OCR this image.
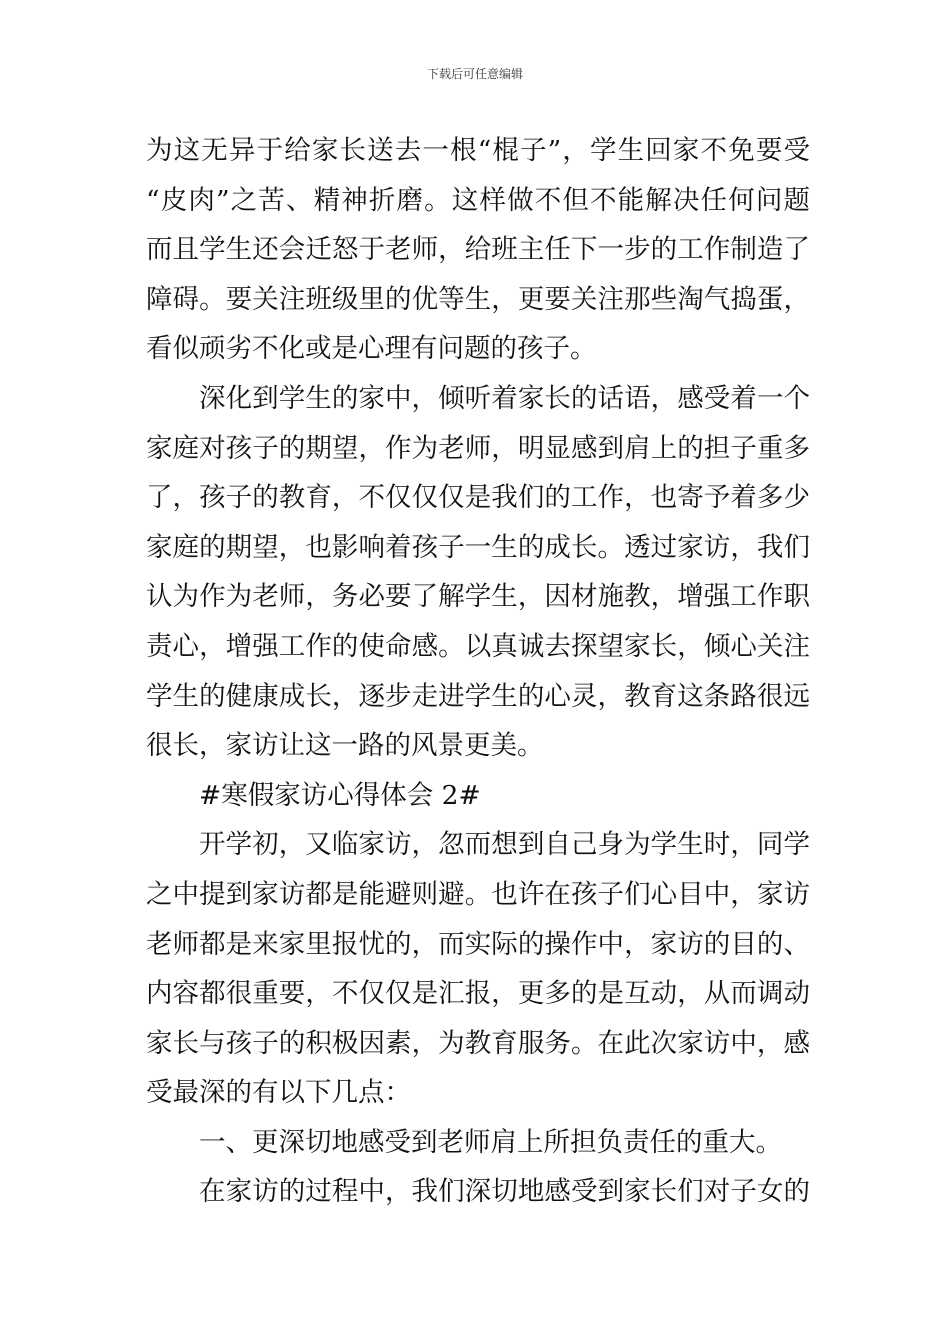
下载后可任意编辑
为这无异于给家长送去一根“棍子”，学生回家不免要受
“皮肉”之苦、精神折磨。这样做不但不能解决任何问题
而且学生还会迁怒于老师，给班主任下一步的工作制造了
障碍。要关注班级里的优等生，更要关注那些淘气捣蛋，
看似顽劣不化或是心理有问题的孩子。
深化到学生的家中，倾听着家长的话语，感受着一个
家庭对孩子的期望，作为老师，明显感到肩上的担子重多
了，孩子的教育，不仅仅仅是我们的工作，也寄予着多少
家庭的期望，也影响着孩子一生的成长。透过家访，我们
认为作为老师，务必要了解学生，因材施教，增强工作职
责心，增强工作的使命感。以真诚去探望家长，倾心关注
学生的健康成长，逐步走进学生的心灵，教育这条路很远
很长，家访让这一路的风景更美。
#寒假家访心得体会 2#
开学初，又临家访，忽而想到自己身为学生时，同学
之中提到家访都是能避则避。也许在孩子们心目中，家访
老师都是来家里报忧的，而实际的操作中，家访的目的、
内容都很重要，不仅仅是汇报，更多的是互动，从而调动
家长与孩子的积极因素，为教育服务。在此次家访中，感
受最深的有以下几点：
一、更深切地感受到老师肩上所担负责任的重大。
在家访的过程中，我们深切地感受到家长们对子女的
